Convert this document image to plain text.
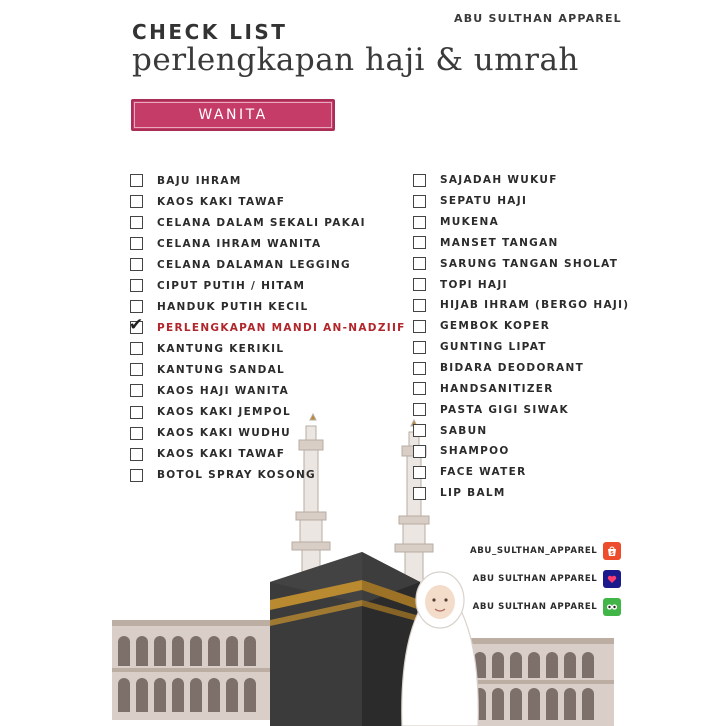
ABU SULTHAN APPAREL
CHECK LIST
perlengkapan haji & umrah
WANITA
BAJU IHRAM
KAOS KAKI TAWAF
CELANA DALAM SEKALI PAKAI
CELANA IHRAM WANITA
CELANA DALAMAN LEGGING
CIPUT PUTIH / HITAM
HANDUK PUTIH KECIL
✔ PERLENGKAPAN MANDI AN-NADZIIF
KANTUNG KERIKIL
KANTUNG SANDAL
KAOS HAJI WANITA
KAOS KAKI JEMPOL
KAOS KAKI WUDHU
KAOS KAKI TAWAF
BOTOL SPRAY KOSONG
SAJADAH WUKUF
SEPATU HAJI
MUKENA
MANSET TANGAN
SARUNG TANGAN SHOLAT
TOPI HAJI
HIJAB IHRAM (BERGO HAJI)
GEMBOK KOPER
GUNTING LIPAT
BIDARA DEODORANT
HANDSANITIZER
PASTA GIGI SIWAK
SABUN
SHAMPOO
FACE WATER
LIP BALM
ABU_SULTHAN_APPAREL	S
ABU SULTHAN APPAREL
ABU SULTHAN APPAREL
